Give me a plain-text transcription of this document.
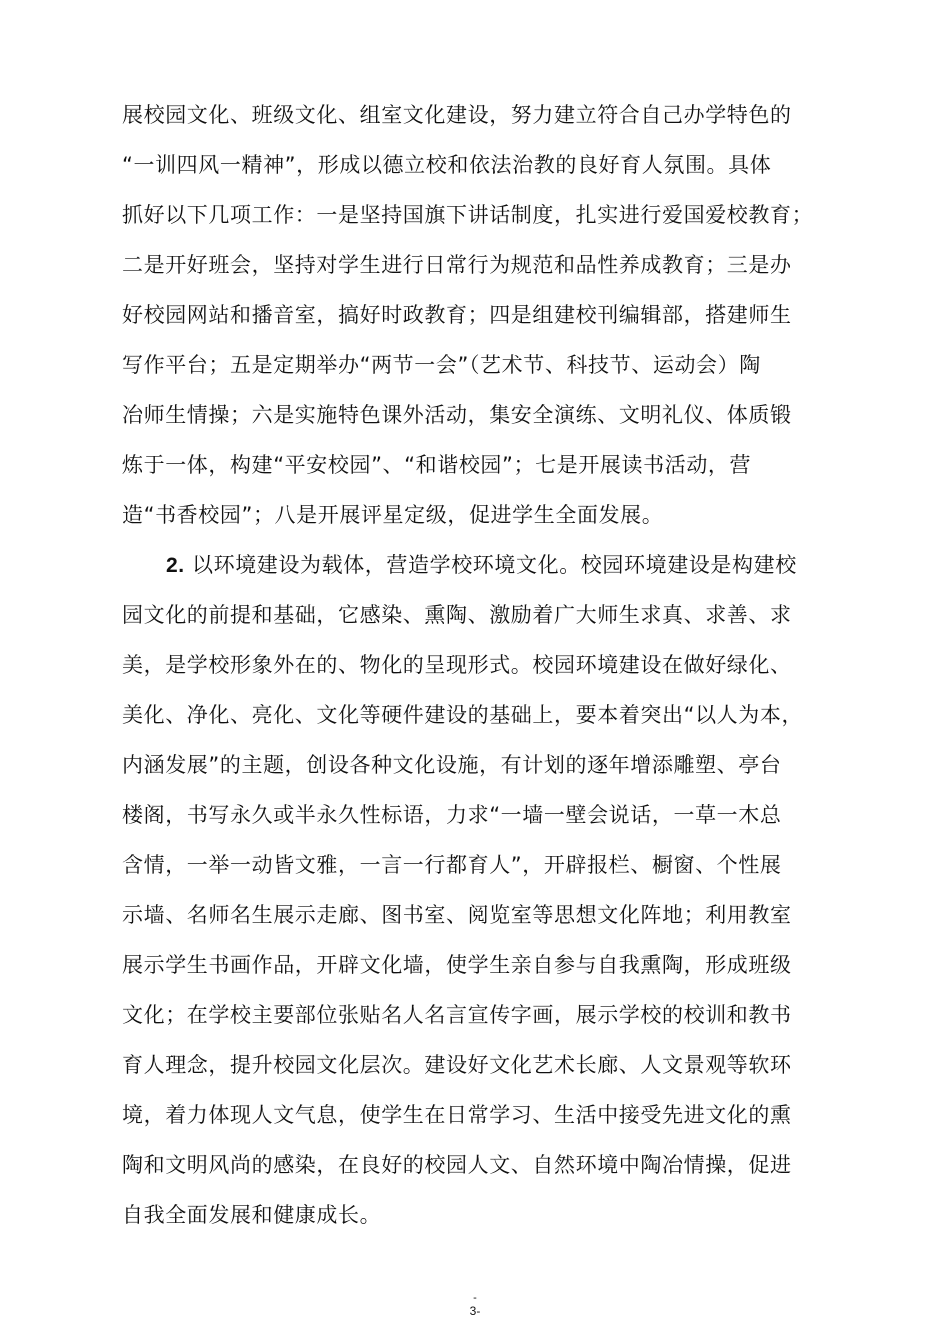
展校园文化、班级文化、组室文化建设，努力建立符合自己办学特色的
“一训四风一精神”，形成以德立校和依法治教的良好育人氛围。具体
抓好以下几项工作：一是坚持国旗下讲话制度，扎实进行爱国爱校教育；
二是开好班会，坚持对学生进行日常行为规范和品性养成教育；三是办
好校园网站和播音室，搞好时政教育；四是组建校刊编辑部，搭建师生
写作平台；五是定期举办“两节一会”（艺术节、科技节、运动会）陶
冶师生情操；六是实施特色课外活动，集安全演练、文明礼仪、体质锻
炼于一体，构建“平安校园”、“和谐校园”；七是开展读书活动，营
造“书香校园”；八是开展评星定级，促进学生全面发展。
2. 以环境建设为载体，营造学校环境文化。校园环境建设是构建校
园文化的前提和基础，它感染、熏陶、激励着广大师生求真、求善、求
美，是学校形象外在的、物化的呈现形式。校园环境建设在做好绿化、
美化、净化、亮化、文化等硬件建设的基础上，要本着突出“以人为本，
内涵发展”的主题，创设各种文化设施，有计划的逐年增添雕塑、亭台
楼阁，书写永久或半永久性标语，力求“一墙一壁会说话，一草一木总
含情，一举一动皆文雅，一言一行都育人”，开辟报栏、橱窗、个性展
示墙、名师名生展示走廊、图书室、阅览室等思想文化阵地；利用教室
展示学生书画作品，开辟文化墙，使学生亲自参与自我熏陶，形成班级
文化；在学校主要部位张贴名人名言宣传字画，展示学校的校训和教书
育人理念，提升校园文化层次。建设好文化艺术长廊、人文景观等软环
境，着力体现人文气息，使学生在日常学习、生活中接受先进文化的熏
陶和文明风尚的感染，在良好的校园人文、自然环境中陶冶情操，促进
自我全面发展和健康成长。
-
3-
